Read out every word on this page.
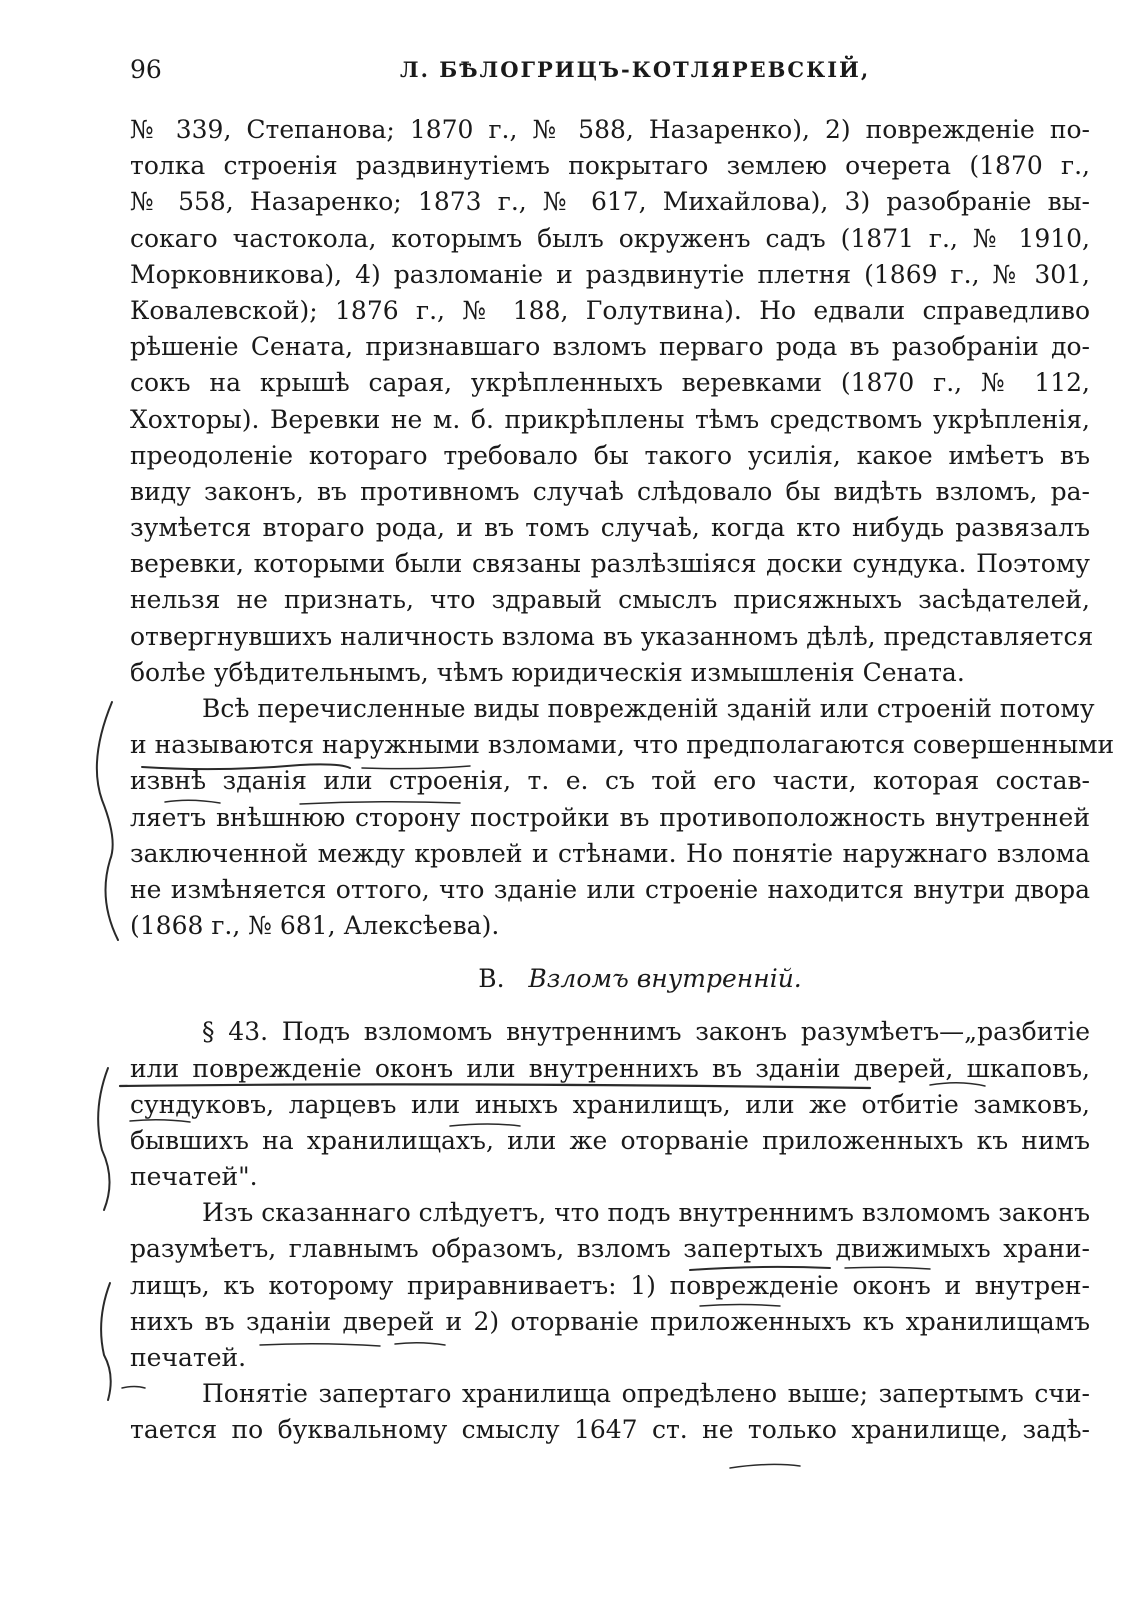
96	Л. БѢЛОГРИЦЪ-КОТЛЯРЕВСКІЙ,
№ 339, Степанова; 1870 г., № 588, Назаренко), 2) поврежденіе по-
толка строенія раздвинутіемъ покрытаго землею очерета (1870 г.,
№ 558, Назаренко; 1873 г., № 617, Михайлова), 3) разобраніе вы-
сокаго частокола, которымъ былъ окруженъ садъ (1871 г., № 1910,
Морковникова), 4) разломаніе и раздвинутіе плетня (1869 г., № 301,
Ковалевской); 1876 г., № 188, Голутвина). Но едвали справедливо
рѣшеніе Сената, признавшаго взломъ перваго рода въ разобраніи до-
сокъ на крышѣ сарая, укрѣпленныхъ веревками (1870 г., № 112,
Хохторы). Веревки не м. б. прикрѣплены тѣмъ средствомъ укрѣпленія,
преодоленіе котораго требовало бы такого усилія, какое имѣетъ въ
виду законъ, въ противномъ случаѣ слѣдовало бы видѣть взломъ, ра-
зумѣется втораго рода, и въ томъ случаѣ, когда кто нибудь развязалъ
веревки, которыми были связаны разлѣзшіяся доски сундука. Поэтому
нельзя не признать, что здравый смыслъ присяжныхъ засѣдателей,
отвергнувшихъ наличность взлома въ указанномъ дѣлѣ, представляется
болѣе убѣдительнымъ, чѣмъ юридическія измышленія Сената.
Всѣ перечисленные виды поврежденій зданій или строеній потому
и называются наружными взломами, что предполагаются совершенными
извнѣ зданія или строенія, т. е. съ той его части, которая состав-
ляетъ внѣшнюю сторону постройки въ противоположность внутренней
заключенной между кровлей и стѣнами. Но понятіе наружнаго взлома
не измѣняется оттого, что зданіе или строеніе находится внутри двора
(1868 г., № 681, Алексѣева).
B. Взломъ внутренній.
§ 43. Подъ взломомъ внутреннимъ законъ разумѣетъ—„разбитіе
или поврежденіе оконъ или внутреннихъ въ зданіи дверей, шкаповъ,
сундуковъ, ларцевъ или иныхъ хранилищъ, или же отбитіе замковъ,
бывшихъ на хранилищахъ, или же оторваніе приложенныхъ къ нимъ
печатей".
Изъ сказаннаго слѣдуетъ, что подъ внутреннимъ взломомъ законъ
разумѣетъ, главнымъ образомъ, взломъ запертыхъ движимыхъ храни-
лищъ, къ которому приравниваетъ: 1) поврежденіе оконъ и внутрен-
нихъ въ зданіи дверей и 2) оторваніе приложенныхъ къ хранилищамъ
печатей.
Понятіе запертаго хранилища опредѣлено выше; запертымъ счи-
тается по буквальному смыслу 1647 ст. не только хранилище, задѣ-
